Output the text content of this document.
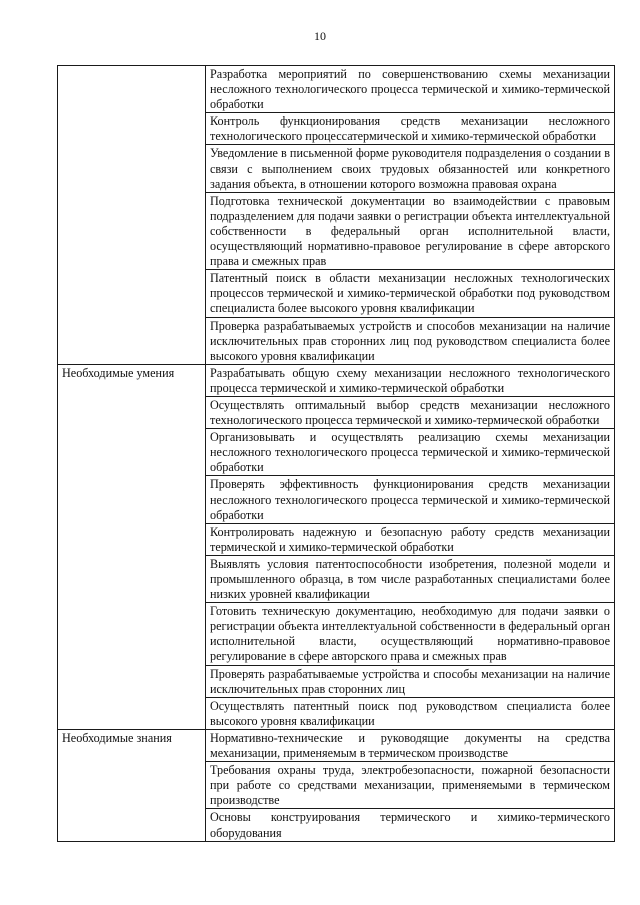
10
	Разработка мероприятий по совершенствованию схемы механизации несложного технологического процесса термической и химико-термической обработки
	Контроль функционирования средств механизации несложного технологического процессатермической и химико-термической обработки
	Уведомление в письменной форме руководителя подразделения о создании в связи с выполнением своих трудовых обязанностей или конкретного задания объекта, в отношении которого возможна правовая охрана
	Подготовка технической документации во взаимодействии с правовым подразделением для подачи заявки о регистрации объекта интеллектуальной собственности в федеральный орган исполнительной власти, осуществляющий нормативно-правовое регулирование в сфере авторского права и смежных прав
	Патентный поиск в области механизации несложных технологических процессов термической и химико-термической обработки под руководством специалиста более высокого уровня квалификации
	Проверка разрабатываемых устройств и способов механизации на наличие исключительных прав сторонних лиц под руководством специалиста более высокого уровня квалификации
Необходимые умения	Разрабатывать общую схему механизации несложного технологического процесса термической и химико-термической обработки
	Осуществлять оптимальный выбор средств механизации несложного технологического процесса термической и химико-термической обработки
	Организовывать и осуществлять реализацию схемы механизации несложного технологического процесса термической и химико-термической обработки
	Проверять эффективность функционирования средств механизации несложного технологического процесса термической и химико-термической обработки
	Контролировать надежную и безопасную работу средств механизации термической и химико-термической обработки
	Выявлять условия патентоспособности изобретения, полезной модели и промышленного образца, в том числе разработанных специалистами более низких уровней квалификации
	Готовить техническую документацию, необходимую для подачи заявки о регистрации объекта интеллектуальной собственности в федеральный орган исполнительной власти, осуществляющий нормативно-правовое регулирование в сфере авторского права и смежных прав
	Проверять разрабатываемые устройства и способы механизации на наличие исключительных прав сторонних лиц
	Осуществлять патентный поиск под руководством специалиста более высокого уровня квалификации
Необходимые знания	Нормативно-технические и руководящие документы на средства механизации, применяемым в термическом производстве
	Требования охраны труда, электробезопасности, пожарной безопасности при работе со средствами механизации, применяемыми в термическом производстве
	Основы конструирования термического и химико-термического оборудования
